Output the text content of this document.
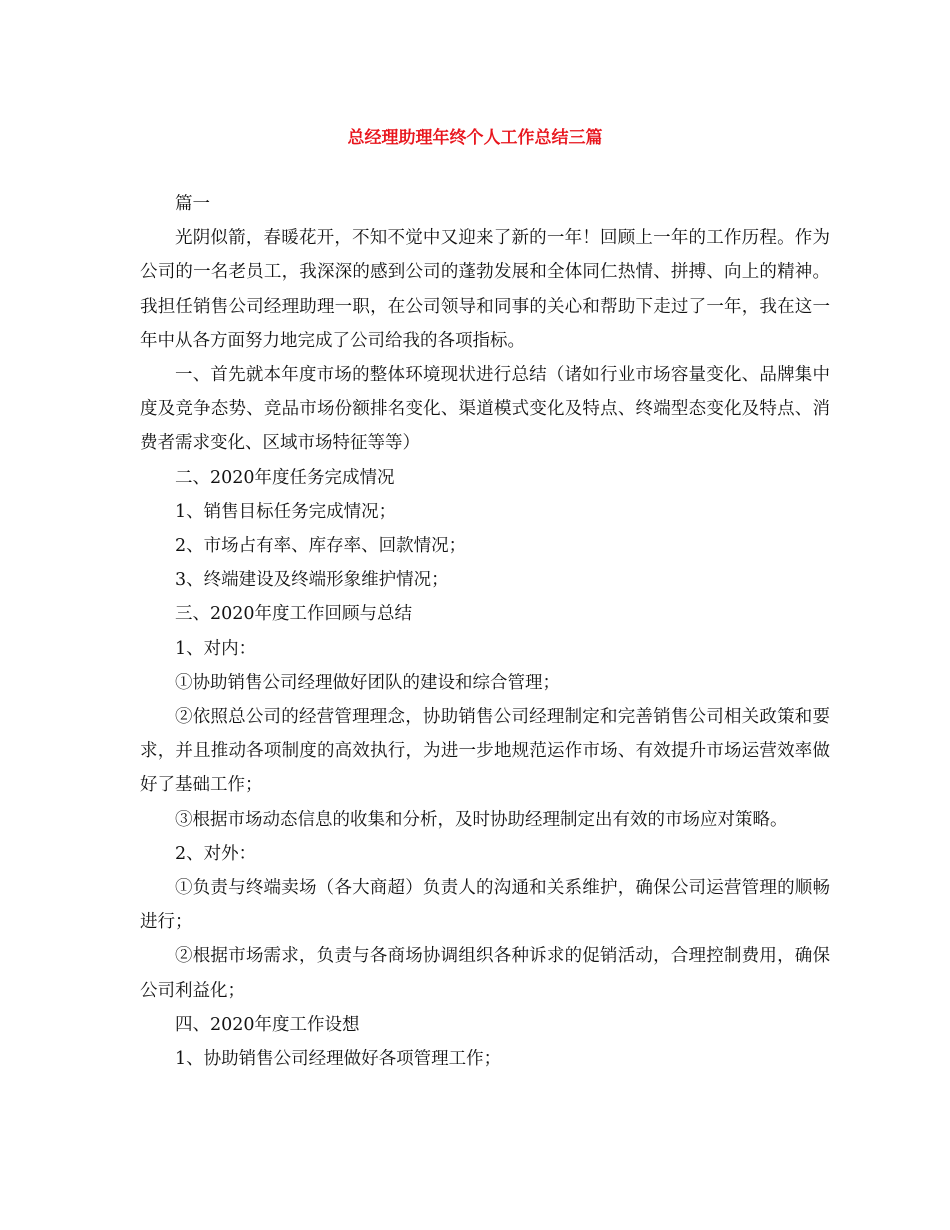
总经理助理年终个人工作总结三篇

篇一

光阴似箭，春暖花开，不知不觉中又迎来了新的一年！回顾上一年的工作历程。作为公司的一名老员工，我深深的感到公司的蓬勃发展和全体同仁热情、拼搏、向上的精神。我担任销售公司经理助理一职，在公司领导和同事的关心和帮助下走过了一年，我在这一年中从各方面努力地完成了公司给我的各项指标。

一、首先就本年度市场的整体环境现状进行总结（诸如行业市场容量变化、品牌集中度及竞争态势、竞品市场份额排名变化、渠道模式变化及特点、终端型态变化及特点、消费者需求变化、区域市场特征等等）

二、2020年度任务完成情况

1、销售目标任务完成情况；

2、市场占有率、库存率、回款情况；

3、终端建设及终端形象维护情况；

三、2020年度工作回顾与总结

1、对内：

①协助销售公司经理做好团队的建设和综合管理；

②依照总公司的经营管理理念，协助销售公司经理制定和完善销售公司相关政策和要求，并且推动各项制度的高效执行，为进一步地规范运作市场、有效提升市场运营效率做好了基础工作；

③根据市场动态信息的收集和分析，及时协助经理制定出有效的市场应对策略。

2、对外：

①负责与终端卖场（各大商超）负责人的沟通和关系维护，确保公司运营管理的顺畅进行；

②根据市场需求，负责与各商场协调组织各种诉求的促销活动，合理控制费用，确保公司利益化；

四、2020年度工作设想

1、协助销售公司经理做好各项管理工作；
